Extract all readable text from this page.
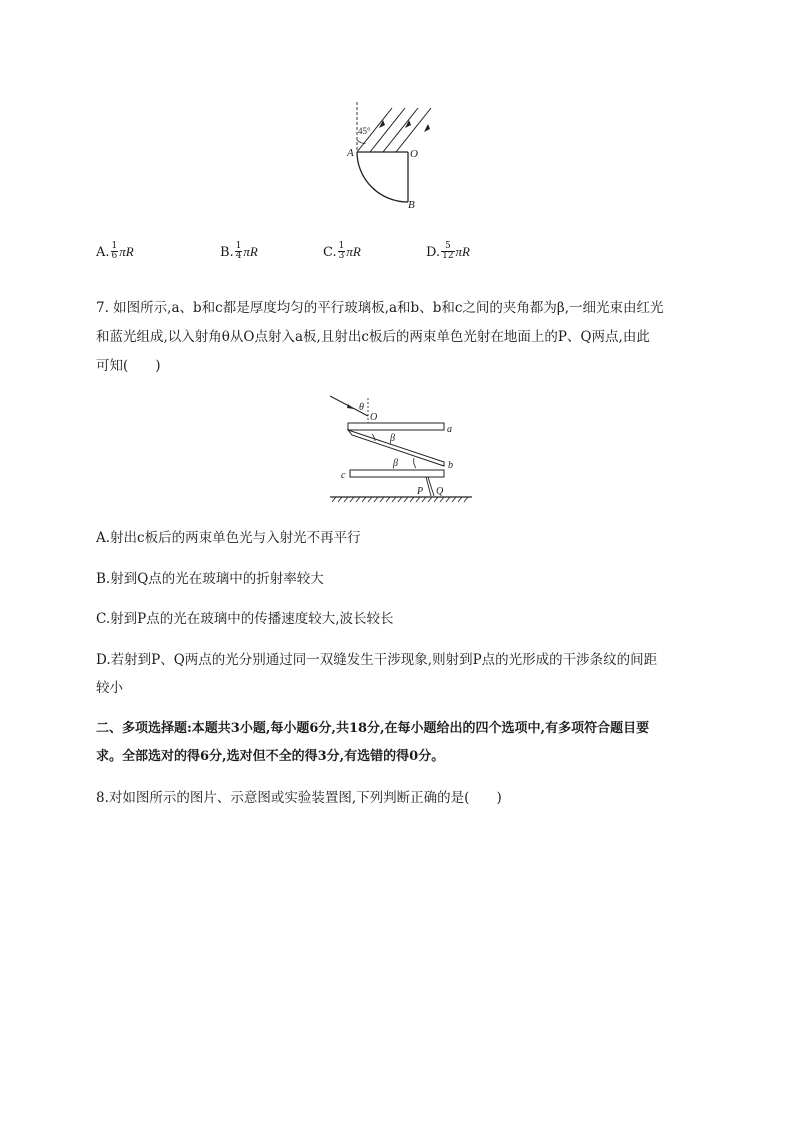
45°
A	O
B
A. $\frac{1}{6}$ πR	B. $\frac{1}{4}$ πR	C. $\frac{1}{3}$ πR	D. $\frac{5}{12}$ πR
7. 如图所示,a、b和c都是厚度均匀的平行玻璃板,a和b、b和c之间的夹角都为β,一细光束由红光
和蓝光组成,以入射角θ从O点射入a板,且射出c板后的两束单色光射在地面上的P、Q两点,由此
可知(　　)
θ
O
a
b
β
c
β
P Q
A.射出c板后的两束单色光与入射光不再平行
B.射到Q点的光在玻璃中的折射率较大
C.射到P点的光在玻璃中的传播速度较大,波长较长
D.若射到P、Q两点的光分别通过同一双缝发生干涉现象,则射到P点的光形成的干涉条纹的间距
较小
二、多项选择题:本题共3小题,每小题6分,共18分,在每小题给出的四个选项中,有多项符合题目要
求。全部选对的得6分,选对但不全的得3分,有选错的得0分。
8.对如图所示的图片、示意图或实验装置图,下列判断正确的是(　　)
